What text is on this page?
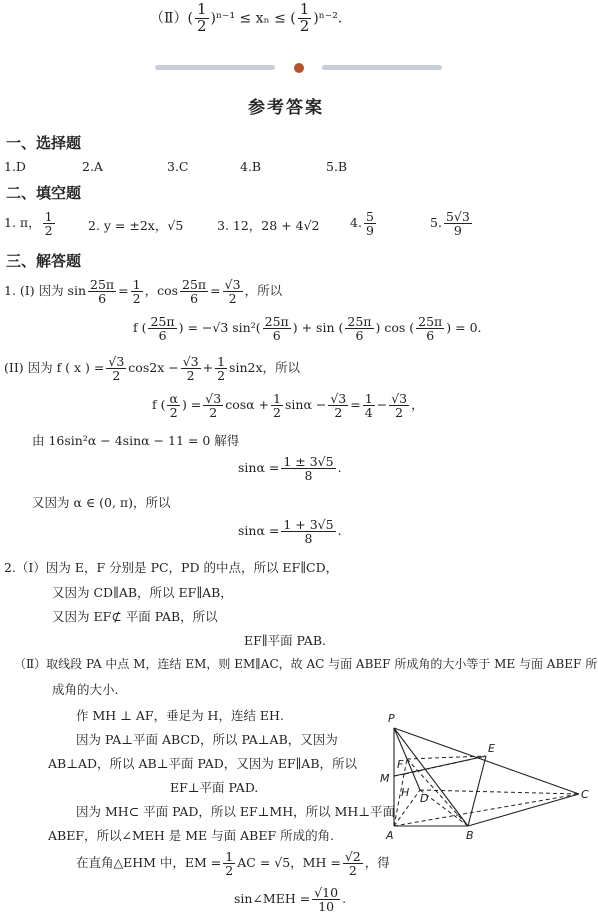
（Ⅱ）( $\frac{1}{2} )^{n-1} \le x_n$ ≤ ( $\frac{1}{2} )^{n-2}$.
参考答案
一、选择题
1.D	2.A	3.C	4.B	5.B
二、填空题
1. π， $\frac{1}{2}$	2. y = ±2x，√5	3. 12，28 + 4√2 4. $\frac{5}{9}$	5. $\frac{5√3}{9}$
三、解答题
1. (I) 因为 $\sin \frac{25\pi}{6} = \frac{1}{2}$ ，$\cos \frac{25\pi}{6} = \frac{√3}{2}$ ，所以
f ( $\frac{25\pi}{6}$ ) = −√3 $\sin^2( \frac{25\pi}{6}$ ) + sin ( $\frac{25\pi}{6}$ ) cos ( $\frac{25\pi}{6}$ ) = 0.
(II) 因为 f ( x ) = $\frac{√3}{2} \cos 2x - \frac{√3}{2} + \frac{1}{2} \sin 2x$，所以
f ( $\frac{\alpha}{2}$ ) = $\frac{√3}{2}$ $\cos\alpha + \frac{1}{2}$ $\sin\alpha - \frac{√3}{2} = \frac{1}{4} - \frac{√3}{2}$ ，
由 16sin²α − 4sinα − 11 = 0 解得
$\sin\alpha = \frac{1 \pm 3√5}{8}$ .
又因为 α ∈ (0, π)，所以
$\sin\alpha = \frac{1 + 3√5}{8}$ .
2.（Ⅰ）因为 E，F 分别是 PC，PD 的中点，所以 EF∥CD，
又因为 CD∥AB，所以 EF∥AB，
又因为 EF⊄ 平面 PAB，所以
EF∥平面 PAB.
（Ⅱ）取线段 PA 中点 M，连结 EM，则 EM∥AC，故 AC 与面 ABEF 所成角的大小等于 ME 与面 ABEF 所
成角的大小.
作 MH ⊥ AF，垂足为 H，连结 EH.
因为 PA⊥平面 ABCD，所以 PA⊥AB，又因为
AB⊥AD，所以 AB⊥平面 PAD，又因为 EF∥AB，所以
EF⊥平面 PAD.
因为 MH⊂ 平面 PAD，所以 EF⊥MH，所以 MH⊥平面
ABEF，所以∠MEH 是 ME 与面 ABEF 所成的角.
在直角△EHM 中，EM = $\frac{1}{2}$ AC = √5，MH = $\frac{√2}{2}$ ，得
sin∠MEH = $\frac{√10}{10}$ .
P
E
F
M
H D	C
A	B
